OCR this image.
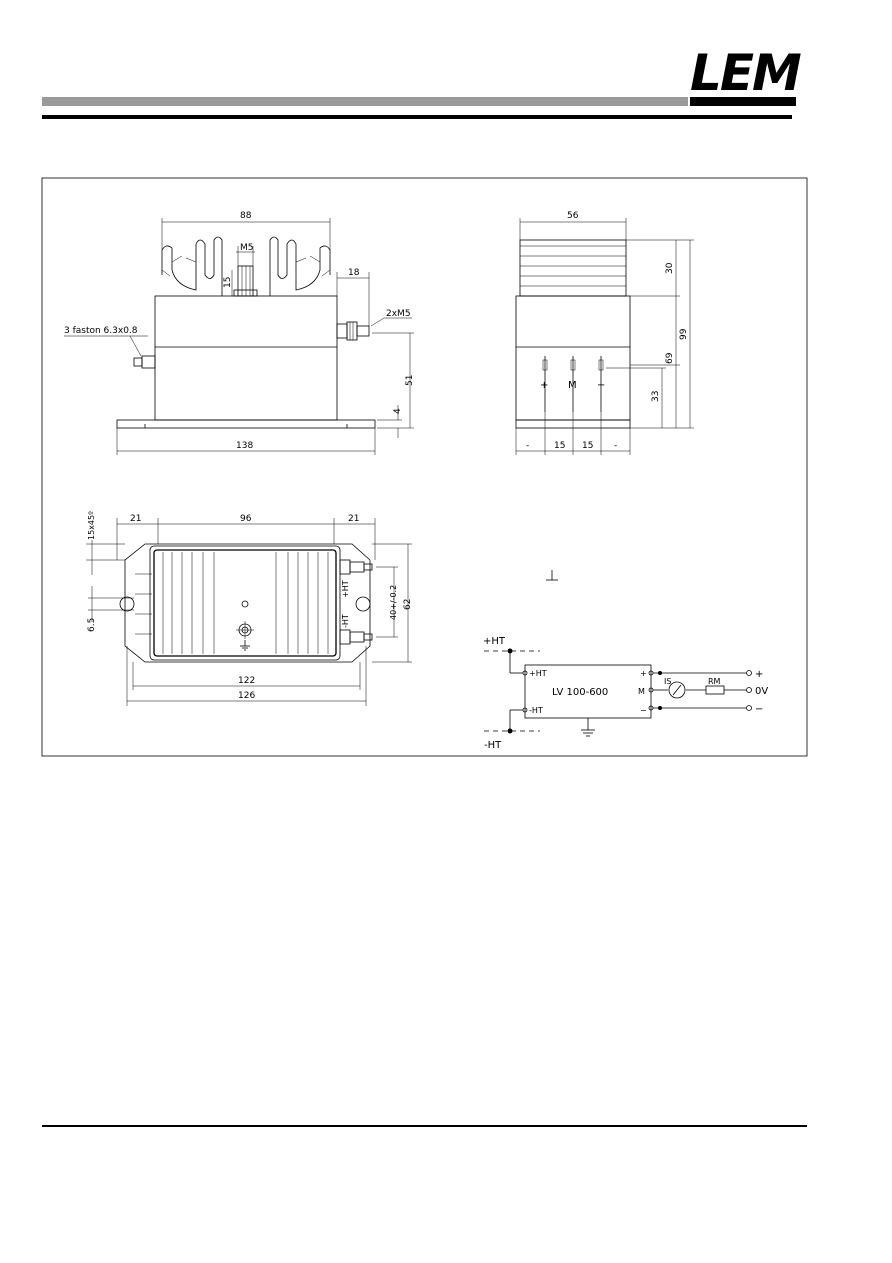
LEM
88
M5
15
18
2xM5
3 faston 6.3x0.8
51
4
138
+ M −
56
30
99
69
33
-	15 15 -
+HT
-HT
21	96	21
15x45º
6.5
40+/-0.2 62
122
126
+HT
-HT
+HT
-HT
LV 100-600
+
M
−
IS	RM
+
0V
−
